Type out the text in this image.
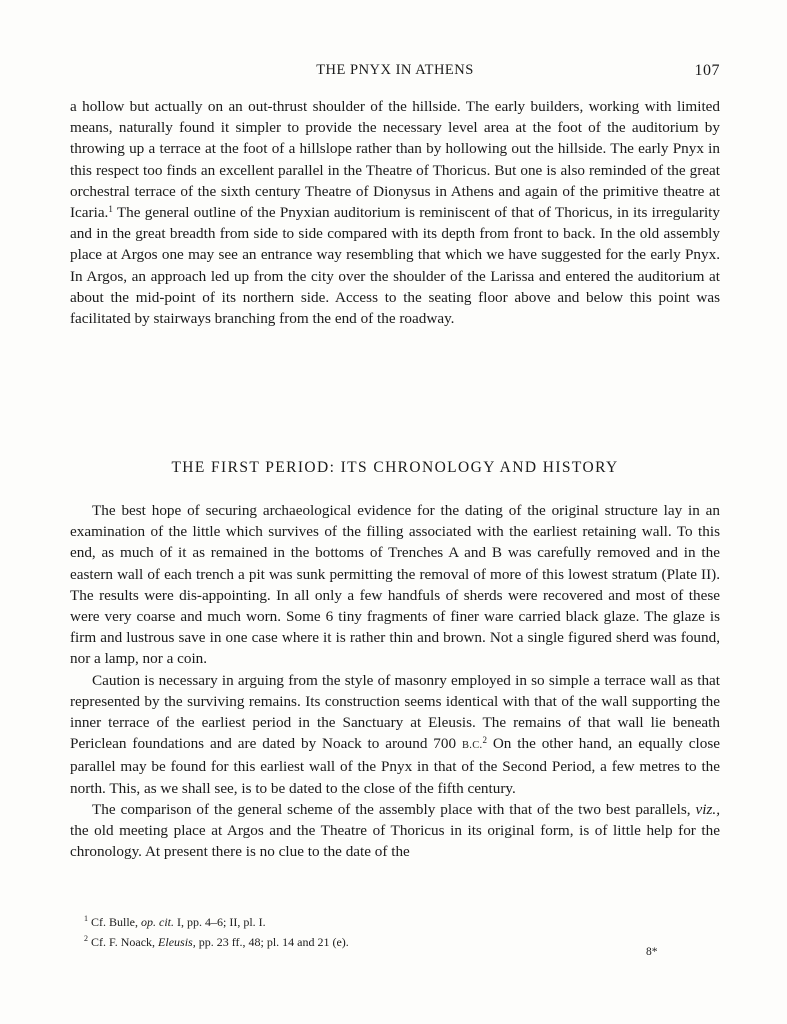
THE PNYX IN ATHENS	107

a hollow but actually on an out-thrust shoulder of the hillside. The early builders, working with limited means, naturally found it simpler to provide the necessary level area at the foot of the auditorium by throwing up a terrace at the foot of a hillslope rather than by hollowing out the hillside. The early Pnyx in this respect too finds an excellent parallel in the Theatre of Thoricus. But one is also reminded of the great orchestral terrace of the sixth century Theatre of Dionysus in Athens and again of the primitive theatre at Icaria.$^1$ The general outline of the Pnyxian auditorium is reminiscent of that of Thoricus, in its irregularity and in the great breadth from side to side compared with its depth from front to back. In the old assembly place at Argos one may see an entrance way resembling that which we have suggested for the early Pnyx. In Argos, an approach led up from the city over the shoulder of the Larissa and entered the auditorium at about the mid-point of its northern side. Access to the seating floor above and below this point was facilitated by stairways branching from the end of the roadway.

THE FIRST PERIOD: ITS CHRONOLOGY AND HISTORY

The best hope of securing archaeological evidence for the dating of the original structure lay in an examination of the little which survives of the filling associated with the earliest retaining wall. To this end, as much of it as remained in the bottoms of Trenches A and B was carefully removed and in the eastern wall of each trench a pit was sunk permitting the removal of more of this lowest stratum (Plate II). The results were dis-appointing. In all only a few handfuls of sherds were recovered and most of these were very coarse and much worn. Some 6 tiny fragments of finer ware carried black glaze. The glaze is firm and lustrous save in one case where it is rather thin and brown. Not a single figured sherd was found, nor a lamp, nor a coin.

Caution is necessary in arguing from the style of masonry employed in so simple a terrace wall as that represented by the surviving remains. Its construction seems identical with that of the wall supporting the inner terrace of the earliest period in the Sanctuary at Eleusis. The remains of that wall lie beneath Periclean foundations and are dated by Noack to around 700 B.C.$^2$ On the other hand, an equally close parallel may be found for this earliest wall of the Pnyx in that of the Second Period, a few metres to the north. This, as we shall see, is to be dated to the close of the fifth century.

The comparison of the general scheme of the assembly place with that of the two best parallels, viz., the old meeting place at Argos and the Theatre of Thoricus in its original form, is of little help for the chronology. At present there is no clue to the date of the

$^1$ Cf. Bulle, op. cit. I, pp. 4–6; II, pl. I.
$^2$ Cf. F. Noack, Eleusis, pp. 23 ff., 48; pl. 14 and 21 (e).
8*
